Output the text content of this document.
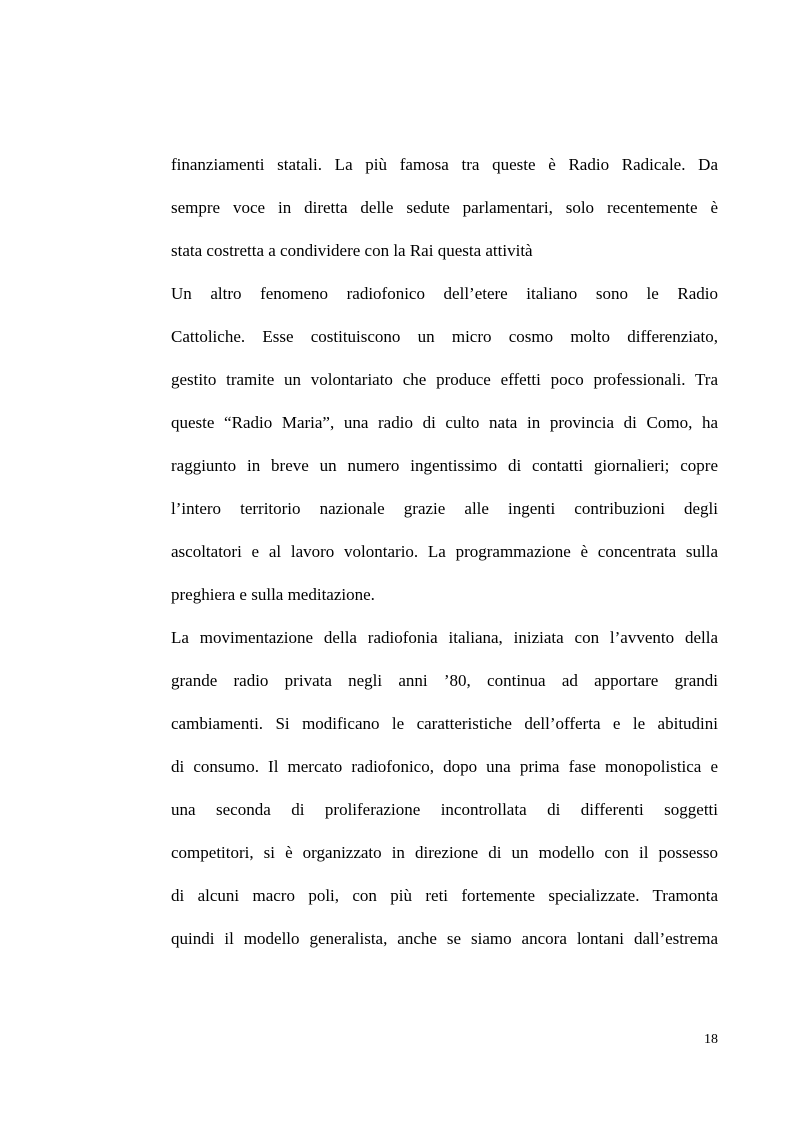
finanziamenti statali. La più famosa tra queste è Radio Radicale. Da
sempre voce in diretta delle sedute parlamentari, solo recentemente è
stata costretta a condividere con la Rai questa attività
Un altro fenomeno radiofonico dell’etere italiano sono le Radio
Cattoliche. Esse costituiscono un micro cosmo molto differenziato,
gestito tramite un volontariato che produce effetti poco professionali. Tra
queste “Radio Maria”, una radio di culto nata in provincia di Como, ha
raggiunto in breve un numero ingentissimo di contatti giornalieri; copre
l’intero territorio nazionale grazie alle ingenti contribuzioni degli
ascoltatori e al lavoro volontario. La programmazione è concentrata sulla
preghiera e sulla meditazione.
La movimentazione della radiofonia italiana, iniziata con l’avvento della
grande radio privata negli anni ’80, continua ad apportare grandi
cambiamenti. Si modificano le caratteristiche dell’offerta e le abitudini
di consumo. Il mercato radiofonico, dopo una prima fase monopolistica e
una seconda di proliferazione incontrollata di differenti soggetti
competitori, si è organizzato in direzione di un modello con il possesso
di alcuni macro poli, con più reti fortemente specializzate. Tramonta
quindi il modello generalista, anche se siamo ancora lontani dall’estrema
18
